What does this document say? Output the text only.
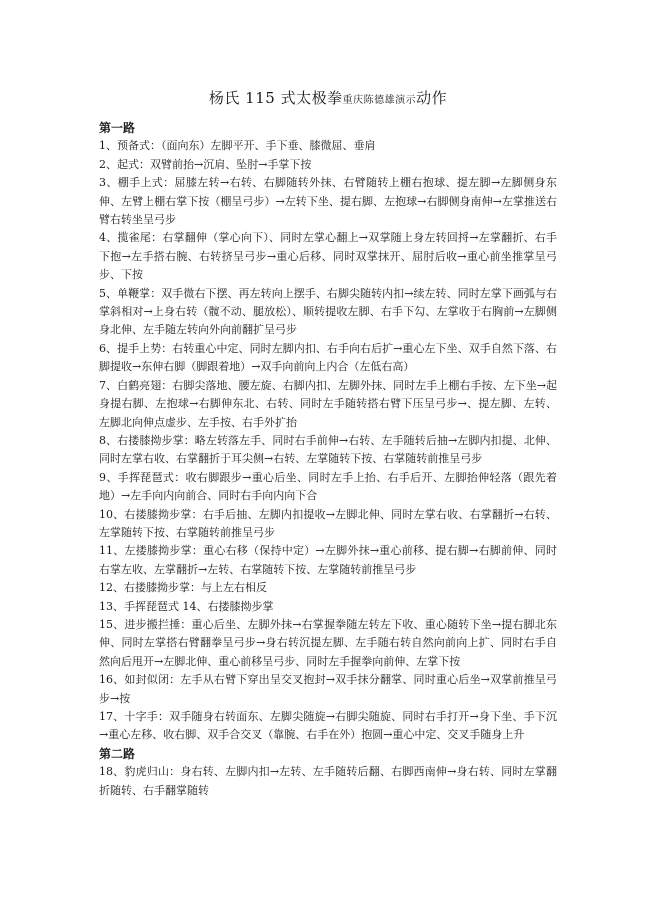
杨氏 115 式太极拳重庆陈德雄演示动作

第一路

1、预备式：（面向东）左脚平开、手下垂、膝微屈、垂肩

2、起式：双臂前抬→沉肩、坠肘→手掌下按

3、棚手上式：屈膝左转→右转、右脚随转外抹、右臂随转上棚右抱球、提左脚→左脚侧身东伸、左臂上棚右掌下按（棚呈弓步）→左转下坐、提右脚、左抱球→右脚侧身南伸→左掌推送右臂右转坐呈弓步

4、揽雀尾：右掌翻伸（掌心向下）、同时左掌心翻上→双掌随上身左转回捋→左掌翻折、右手下抱→左手搭右腕、右转挤呈弓步→重心后移、同时双掌抹开、屈肘后收→重心前坐推掌呈弓步、下按

5、单鞭掌：双手微右下摆、再左转向上摆手、右脚尖随转内扣→续左转、同时左掌下画弧与右掌斜相对→上身右转（髋不动、腿放松）、顺转提收左脚、右手下勾、左掌收于右胸前→左脚侧身北伸、左手随左转向外向前翻扩呈弓步

6、提手上势：右转重心中定、同时左脚内扣、右手向右后扩→重心左下坐、双手自然下落、右脚提收→东伸右脚（脚跟着地）→双手向前向上内合（左低右高）

7、白鹤亮翅：右脚尖落地、腰左旋、右脚内扣、左脚外抹、同时左手上棚右手按、左下坐→起身提右脚、左抱球→右脚伸东北、右转、同时左手随转搭右臂下压呈弓步→、提左脚、左转、左脚北向伸点虚步、左手按、右手外扩抬

8、右搂膝拗步掌：略左转落左手、同时右手前伸→右转、左手随转后抽→左脚内扣提、北伸、同时左掌右收、右掌翻折于耳尖侧→右转、左掌随转下按、右掌随转前推呈弓步

9、手挥琵琶式：收右脚跟步→重心后坐、同时左手上抬、右手后开、左脚抬伸轻落（跟先着地）→左手向内向前合、同时右手向内向下合

10、右搂膝拗步掌：右手后抽、左脚内扣提收→左脚北伸、同时左掌右收、右掌翻折→右转、左掌随转下按、右掌随转前推呈弓步

11、左搂膝拗步掌：重心右移（保持中定）→左脚外抹→重心前移、提右脚→右脚前伸、同时右掌左收、左掌翻折→左转、右掌随转下按、左掌随转前推呈弓步

12、右搂膝拗步掌：与上左右相反

13、手挥琵琶式 14、右搂膝拗步掌

15、进步搬拦捶：重心后坐、左脚外抹→右掌握拳随左转左下收、重心随转下坐→提右脚北东伸、同时左掌搭右臂翻拳呈弓步→身右转沉提左脚、左手随右转自然向前向上扩、同时右手自然向后甩开→左脚北伸、重心前移呈弓步、同时左手握拳向前伸、左掌下按

16、如封似闭：左手从右臂下穿出呈交叉抱封→双手抹分翻掌、同时重心后坐→双掌前推呈弓步→按

17、十字手：双手随身右转面东、左脚尖随旋→右脚尖随旋、同时右手打开→身下坐、手下沉→重心左移、收右脚、双手合交叉（靠腕、右手在外）抱圆→重心中定、交叉手随身上升

第二路

18、豹虎归山：身右转、左脚内扣→左转、左手随转后翻、右脚西南伸→身右转、同时左掌翻折随转、右手翻掌随转
